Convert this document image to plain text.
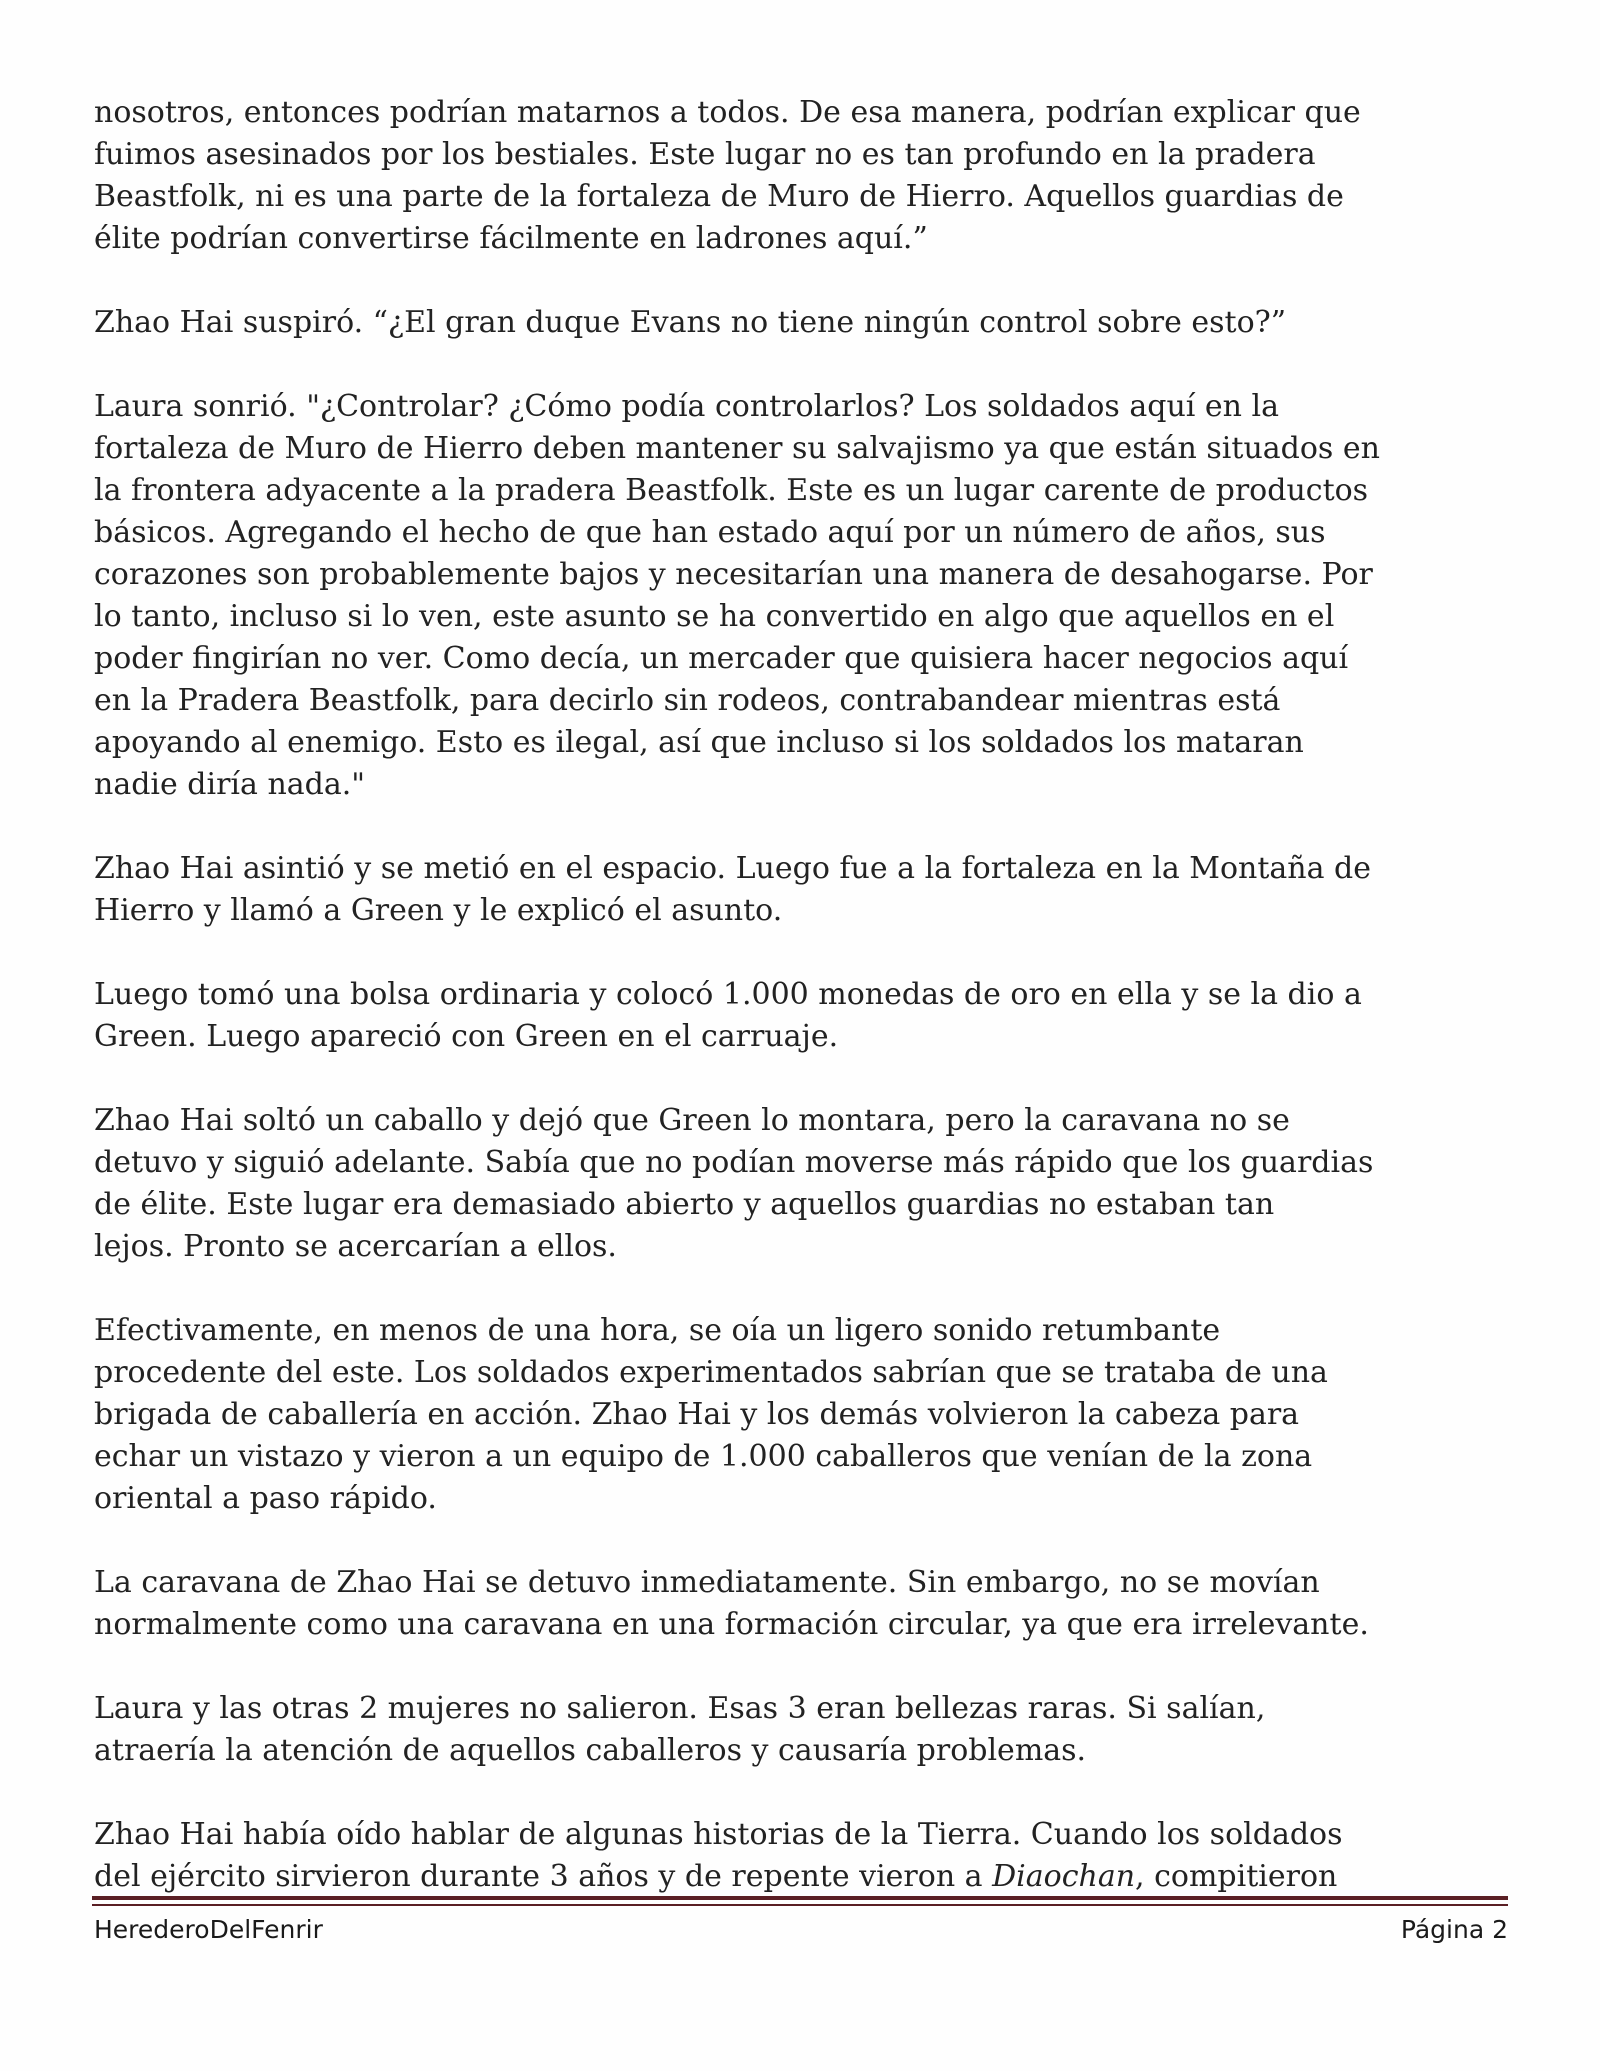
nosotros, entonces podrían matarnos a todos. De esa manera, podrían explicar que
fuimos asesinados por los bestiales. Este lugar no es tan profundo en la pradera
Beastfolk, ni es una parte de la fortaleza de Muro de Hierro. Aquellos guardias de
élite podrían convertirse fácilmente en ladrones aquí.”
Zhao Hai suspiró. “¿El gran duque Evans no tiene ningún control sobre esto?”
Laura sonrió. "¿Controlar? ¿Cómo podía controlarlos? Los soldados aquí en la
fortaleza de Muro de Hierro deben mantener su salvajismo ya que están situados en
la frontera adyacente a la pradera Beastfolk. Este es un lugar carente de productos
básicos. Agregando el hecho de que han estado aquí por un número de años, sus
corazones son probablemente bajos y necesitarían una manera de desahogarse. Por
lo tanto, incluso si lo ven, este asunto se ha convertido en algo que aquellos en el
poder fingirían no ver. Como decía, un mercader que quisiera hacer negocios aquí
en la Pradera Beastfolk, para decirlo sin rodeos, contrabandear mientras está
apoyando al enemigo. Esto es ilegal, así que incluso si los soldados los mataran
nadie diría nada."
Zhao Hai asintió y se metió en el espacio. Luego fue a la fortaleza en la Montaña de
Hierro y llamó a Green y le explicó el asunto.
Luego tomó una bolsa ordinaria y colocó 1.000 monedas de oro en ella y se la dio a
Green. Luego apareció con Green en el carruaje.
Zhao Hai soltó un caballo y dejó que Green lo montara, pero la caravana no se
detuvo y siguió adelante. Sabía que no podían moverse más rápido que los guardias
de élite. Este lugar era demasiado abierto y aquellos guardias no estaban tan
lejos. Pronto se acercarían a ellos.
Efectivamente, en menos de una hora, se oía un ligero sonido retumbante
procedente del este. Los soldados experimentados sabrían que se trataba de una
brigada de caballería en acción. Zhao Hai y los demás volvieron la cabeza para
echar un vistazo y vieron a un equipo de 1.000 caballeros que venían de la zona
oriental a paso rápido.
La caravana de Zhao Hai se detuvo inmediatamente. Sin embargo, no se movían
normalmente como una caravana en una formación circular, ya que era irrelevante.
Laura y las otras 2 mujeres no salieron. Esas 3 eran bellezas raras. Si salían,
atraería la atención de aquellos caballeros y causaría problemas.
Zhao Hai había oído hablar de algunas historias de la Tierra. Cuando los soldados
del ejército sirvieron durante 3 años y de repente vieron a Diaochan, compitieron
HerederoDelFenrir	Página 2
